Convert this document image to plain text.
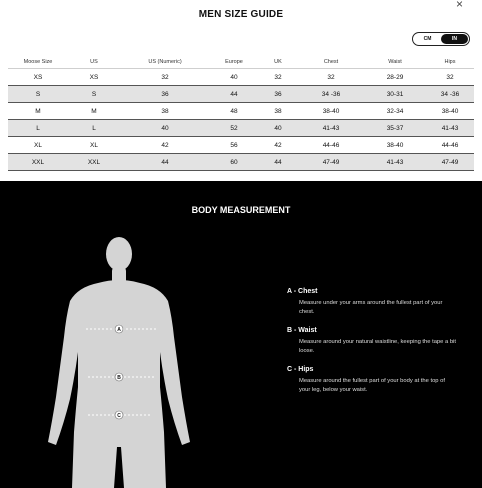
MEN SIZE GUIDE
×
CM	IN
Moose Size	US	US (Numeric)	Europe	UK	Chest	Waist	Hips
XS	XS	32	40	32	32	28-29	32
S	S	36	44	36	34 -36	30-31	34 -36
M	M	38	48	38	38-40	32-34	38-40
L	L	40	52	40	41-43	35-37	41-43
XL	XL	42	56	42	44-46	38-40	44-46
XXL	XXL	44	60	44	47-49	41-43	47-49
BODY MEASUREMENT
A
B
C
A - Chest
Measure under your arms around the fullest part of your chest.
B - Waist
Measure around your natural waistline, keeping the tape a bit loose.
C - Hips
Measure around the fullest part of your body at the top of your leg, below your waist.
